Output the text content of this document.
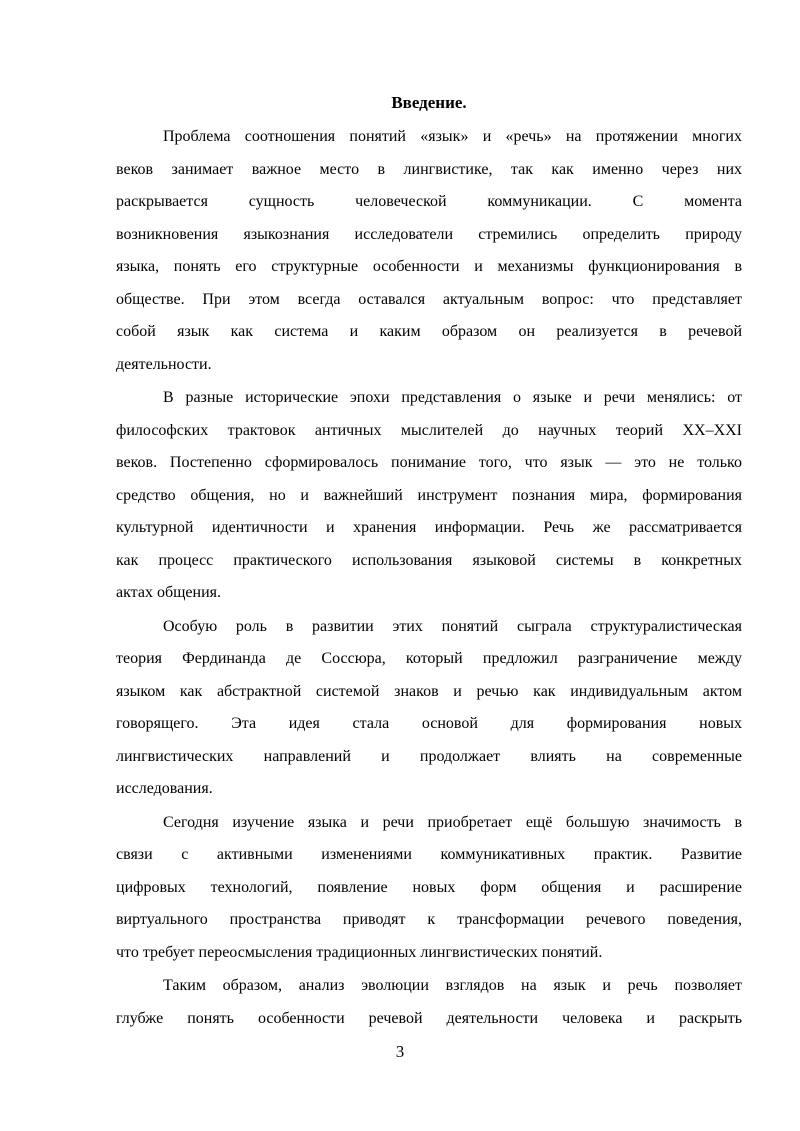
Введение.
Проблема соотношения понятий «язык» и «речь» на протяжении многих
веков занимает важное место в лингвистике, так как именно через них
раскрывается сущность человеческой коммуникации. С момента
возникновения языкознания исследователи стремились определить природу
языка, понять его структурные особенности и механизмы функционирования в
обществе. При этом всегда оставался актуальным вопрос: что представляет
собой язык как система и каким образом он реализуется в речевой
деятельности.
В разные исторические эпохи представления о языке и речи менялись: от
философских трактовок античных мыслителей до научных теорий XX–XXI
веков. Постепенно сформировалось понимание того, что язык — это не только
средство общения, но и важнейший инструмент познания мира, формирования
культурной идентичности и хранения информации. Речь же рассматривается
как процесс практического использования языковой системы в конкретных
актах общения.
Особую роль в развитии этих понятий сыграла структуралистическая
теория Фердинанда де Соссюра, который предложил разграничение между
языком как абстрактной системой знаков и речью как индивидуальным актом
говорящего. Эта идея стала основой для формирования новых
лингвистических направлений и продолжает влиять на современные
исследования.
Сегодня изучение языка и речи приобретает ещё большую значимость в
связи с активными изменениями коммуникативных практик. Развитие
цифровых технологий, появление новых форм общения и расширение
виртуального пространства приводят к трансформации речевого поведения,
что требует переосмысления традиционных лингвистических понятий.
Таким образом, анализ эволюции взглядов на язык и речь позволяет
глубже понять особенности речевой деятельности человека и раскрыть
3
